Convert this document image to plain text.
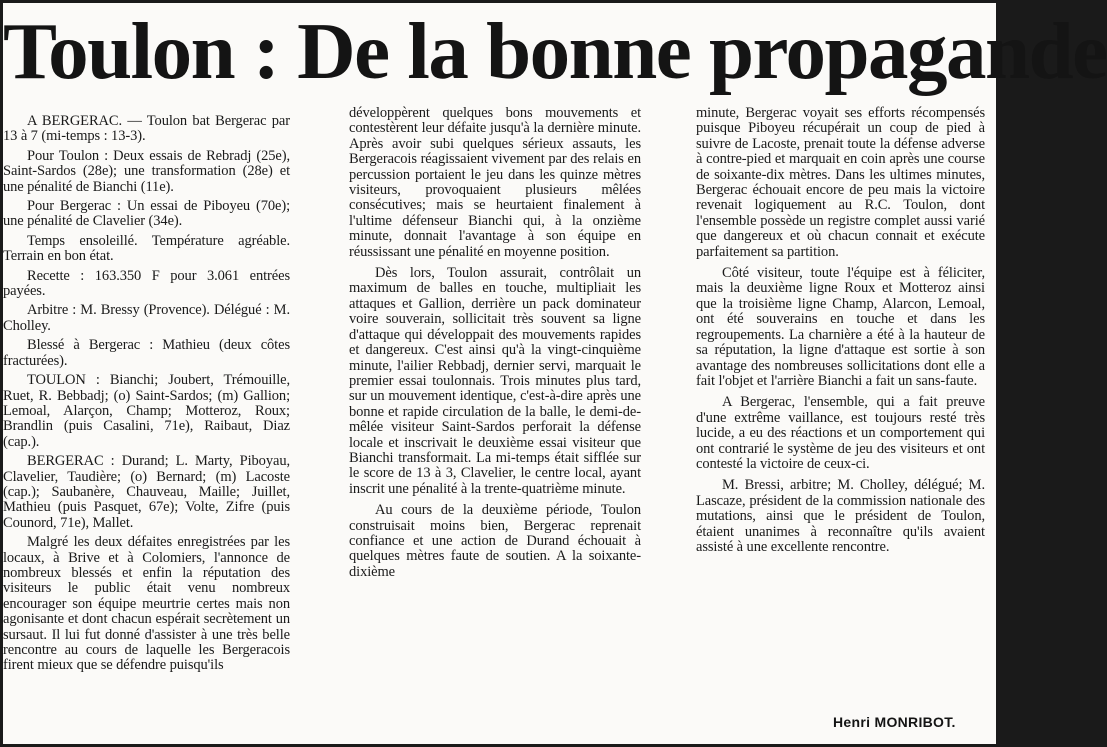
Toulon : De la bonne propagande

A BERGERAC. — Toulon bat Bergerac par 13 à 7 (mi-temps : 13-3).

Pour Toulon : Deux essais de Rebradj (25e), Saint-Sardos (28e); une transformation (28e) et une pénalité de Bianchi (11e).

Pour Bergerac : Un essai de Piboyeu (70e); une pénalité de Clavelier (34e).

Temps ensoleillé. Température agréable. Terrain en bon état.

Recette : 163.350 F pour 3.061 entrées payées.

Arbitre : M. Bressy (Provence). Délégué : M. Cholley.

Blessé à Bergerac : Mathieu (deux côtes fracturées).

TOULON : Bianchi; Joubert, Trémouille, Ruet, R. Bebbadj; (o) Saint-Sardos; (m) Gallion; Lemoal, Alarçon, Champ; Motteroz, Roux; Brandlin (puis Casalini, 71e), Raibaut, Diaz (cap.).

BERGERAC : Durand; L. Marty, Piboyau, Clavelier, Taudière; (o) Bernard; (m) Lacoste (cap.); Saubanère, Chauveau, Maille; Juillet, Mathieu (puis Pasquet, 67e); Volte, Zifre (puis Counord, 71e), Mallet.

Malgré les deux défaites enregistrées par les locaux, à Brive et à Colomiers, l'annonce de nombreux blessés et enfin la réputation des visiteurs le public était venu nombreux encourager son équipe meurtrie certes mais non agonisante et dont chacun espérait secrètement un sursaut. Il lui fut donné d'assister à une très belle rencontre au cours de laquelle les Bergeracois firent mieux que se défendre puisqu'ils

développèrent quelques bons mouvements et contestèrent leur défaite jusqu'à la dernière minute. Après avoir subi quelques sérieux assauts, les Bergeracois réagissaient vivement par des relais en percussion portaient le jeu dans les quinze mètres visiteurs, provoquaient plusieurs mêlées consécutives; mais se heurtaient finalement à l'ultime défenseur Bianchi qui, à la onzième minute, donnait l'avantage à son équipe en réussissant une pénalité en moyenne position.

Dès lors, Toulon assurait, contrôlait un maximum de balles en touche, multipliait les attaques et Gallion, derrière un pack dominateur voire souverain, sollicitait très souvent sa ligne d'attaque qui développait des mouvements rapides et dangereux. C'est ainsi qu'à la vingt-cinquième minute, l'ailier Rebbadj, dernier servi, marquait le premier essai toulonnais. Trois minutes plus tard, sur un mouvement identique, c'est-à-dire après une bonne et rapide circulation de la balle, le demi-de-mêlée visiteur Saint-Sardos perforait la défense locale et inscrivait le deuxième essai visiteur que Bianchi transformait. La mi-temps était sifflée sur le score de 13 à 3, Clavelier, le centre local, ayant inscrit une pénalité à la trente-quatrième minute.

Au cours de la deuxième période, Toulon construisait moins bien, Bergerac reprenait confiance et une action de Durand échouait à quelques mètres faute de soutien. A la soixante-dixième

minute, Bergerac voyait ses efforts récompensés puisque Piboyeu récupérait un coup de pied à suivre de Lacoste, prenait toute la défense adverse à contre-pied et marquait en coin après une course de soixante-dix mètres. Dans les ultimes minutes, Bergerac échouait encore de peu mais la victoire revenait logiquement au R.C. Toulon, dont l'ensemble possède un registre complet aussi varié que dangereux et où chacun connait et exécute parfaitement sa partition.

Côté visiteur, toute l'équipe est à féliciter, mais la deuxième ligne Roux et Motteroz ainsi que la troisième ligne Champ, Alarcon, Lemoal, ont été souverains en touche et dans les regroupements. La charnière a été à la hauteur de sa réputation, la ligne d'attaque est sortie à son avantage des nombreuses sollicitations dont elle a fait l'objet et l'arrière Bianchi a fait un sans-faute.

A Bergerac, l'ensemble, qui a fait preuve d'une extrême vaillance, est toujours resté très lucide, a eu des réactions et un comportement qui ont contrarié le système de jeu des visiteurs et ont contesté la victoire de ceux-ci.

M. Bressi, arbitre; M. Cholley, délégué; M. Lascaze, président de la commission nationale des mutations, ainsi que le président de Toulon, étaient unanimes à reconnaître qu'ils avaient assisté à une excellente rencontre.

Henri MONRIBOT.
